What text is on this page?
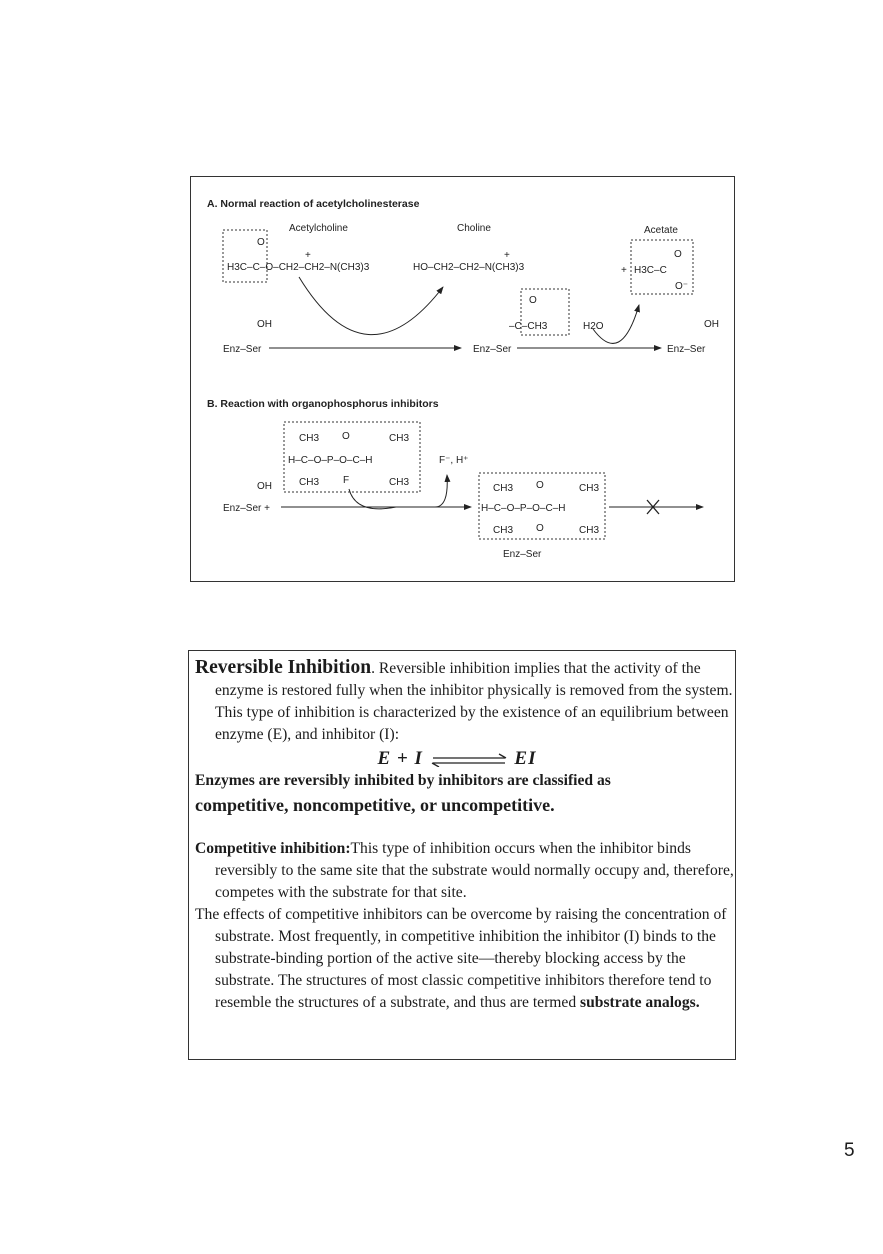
A. Normal reaction of acetylcholinesterase
Acetylcholine	Choline	Acetate
O
H3C–C–O–CH2–CH2–N(CH3)3
+
HO–CH2–CH2–N(CH3)3
+
+ H3C–C
O
O⁻
OH
Enz–Ser	Enz–Ser
O
–C–CH3	H2O	OH
Enz–Ser
B. Reaction with organophosphorus inhibitors
CH3 O	CH3
H–C–O–P–O–C–H
CH3 F	CH3
F⁻, H⁺
OH
Enz–Ser +
CH3 O	CH3
H–C–O–P–O–C–H
CH3 O	CH3
Enz–Ser

Reversible Inhibition. Reversible inhibition implies that the activity of the enzyme is restored fully when the inhibitor physically is removed from the system. This type of inhibition is characterized by the existence of an equilibrium between enzyme (E), and inhibitor (I):

E + I	EI

Enzymes are reversibly inhibited by inhibitors are classified as
competitive, noncompetitive, or uncompetitive.

Competitive inhibition:This type of inhibition occurs when the inhibitor binds reversibly to the same site that the substrate would normally occupy and, therefore, competes with the substrate for that site.

The effects of competitive inhibitors can be overcome by raising the concentration of substrate. Most frequently, in competitive inhibition the inhibitor (I) binds to the substrate-binding portion of the active site—thereby blocking access by the substrate. The structures of most classic competitive inhibitors therefore tend to resemble the structures of a substrate, and thus are termed substrate analogs.

5
